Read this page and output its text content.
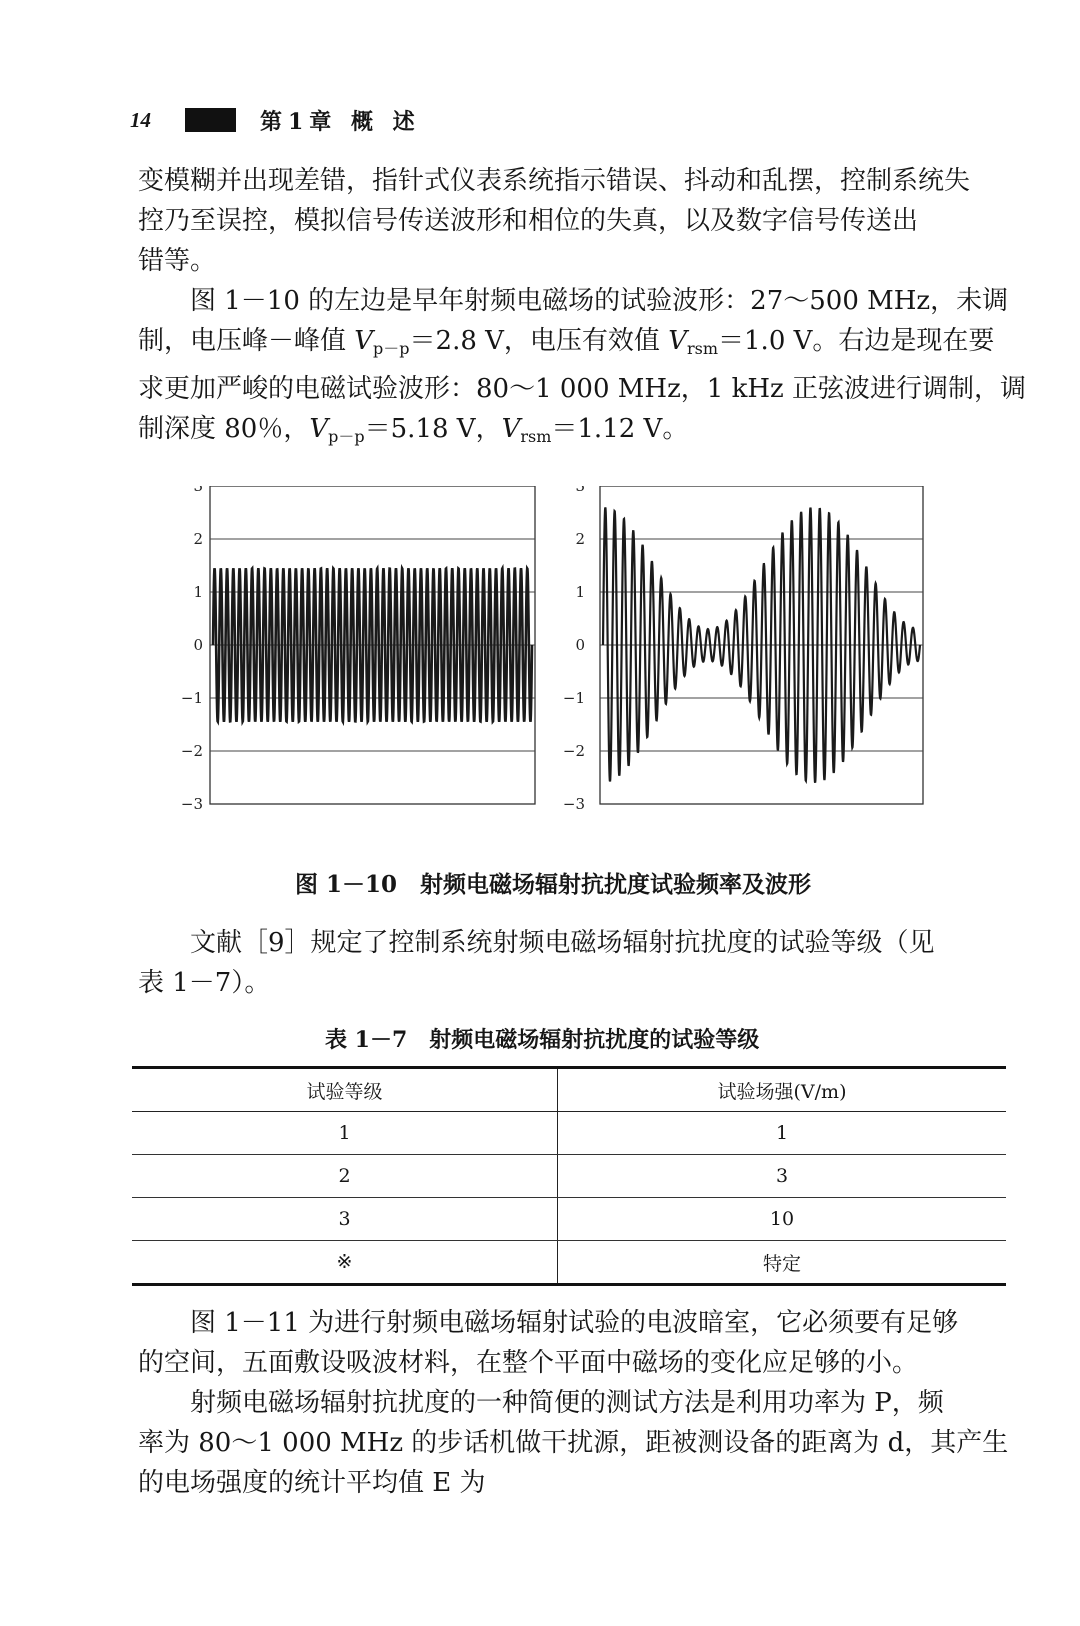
14	第1章 概 述

变模糊并出现差错，指针式仪表系统指示错误、抖动和乱摆，控制系统失
控乃至误控，模拟信号传送波形和相位的失真，以及数字信号传送出
错等。

图 1－10 的左边是早年射频电磁场的试验波形：27～500 MHz，未调
制，电压峰－峰值 $V_{p-p}=2.8$ V，电压有效值 $V_{rsm}=1.0$ V。右边是现在要
求更加严峻的电磁试验波形：80～1 000 MHz，1 kHz 正弦波进行调制，调
制深度 80％，$V_{p-p}=5.18$ V，$V_{rsm}=1.12$ V。

3
2
1
0
−1
−2
−3
3
2
1
0
−1
−2
−3
图 1－10　射频电磁场辐射抗扰度试验频率及波形

文献［9］规定了控制系统射频电磁场辐射抗扰度的试验等级（见
表 1－7）。

表 1－7　射频电磁场辐射抗扰度的试验等级
试验等级	试验场强(V/m)
1	1
2	3
3	10
※	特定

图 1－11 为进行射频电磁场辐射试验的电波暗室，它必须要有足够
的空间，五面敷设吸波材料，在整个平面中磁场的变化应足够的小。

射频电磁场辐射抗扰度的一种简便的测试方法是利用功率为 P，频
率为 80～1 000 MHz 的步话机做干扰源，距被测设备的距离为 d，其产生
的电场强度的统计平均值 E 为
